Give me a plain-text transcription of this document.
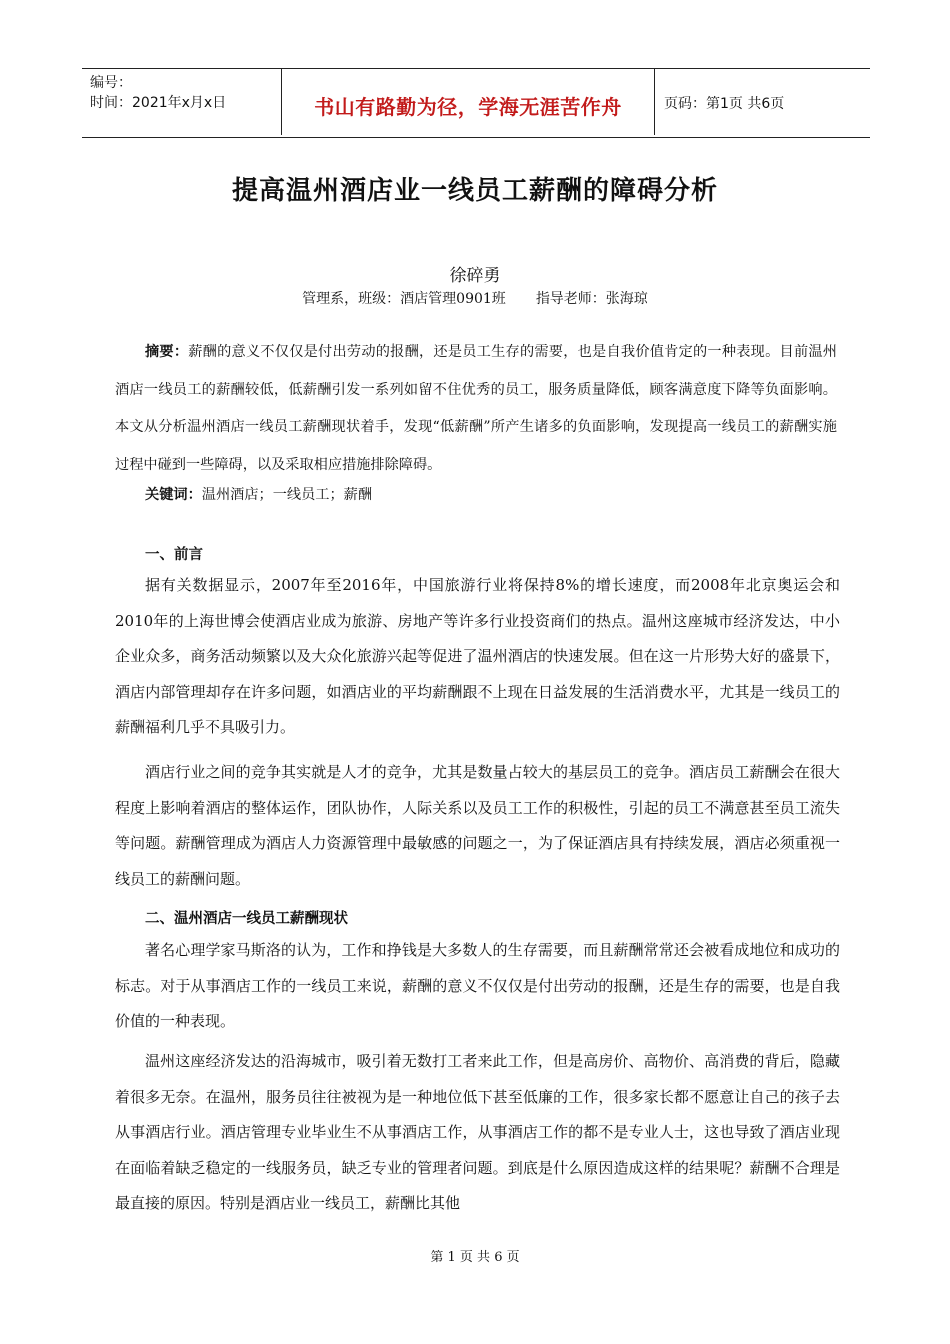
编号：
时间：2021年x月x日	书山有路勤为径，学海无涯苦作舟	页码：第1页 共6页
提高温州酒店业一线员工薪酬的障碍分析
徐碎勇
管理系，班级：酒店管理0901班 指导老师：张海琼
摘要：薪酬的意义不仅仅是付出劳动的报酬，还是员工生存的需要，也是自我价值肯定的一种表现。目前温州酒店一线员工的薪酬较低，低薪酬引发一系列如留不住优秀的员工，服务质量降低，顾客满意度下降等负面影响。本文从分析温州酒店一线员工薪酬现状着手，发现“低薪酬”所产生诸多的负面影响，发现提高一线员工的薪酬实施过程中碰到一些障碍，以及采取相应措施排除障碍。
关键词：温州酒店；一线员工；薪酬
一、前言
据有关数据显示，2007年至2016年，中国旅游行业将保持8%的增长速度，而2008年北京奥运会和2010年的上海世博会使酒店业成为旅游、房地产等许多行业投资商们的热点。温州这座城市经济发达，中小企业众多，商务活动频繁以及大众化旅游兴起等促进了温州酒店的快速发展。但在这一片形势大好的盛景下，酒店内部管理却存在许多问题，如酒店业的平均薪酬跟不上现在日益发展的生活消费水平，尤其是一线员工的薪酬福利几乎不具吸引力。
酒店行业之间的竞争其实就是人才的竞争，尤其是数量占较大的基层员工的竞争。酒店员工薪酬会在很大程度上影响着酒店的整体运作，团队协作，人际关系以及员工工作的积极性，引起的员工不满意甚至员工流失等问题。薪酬管理成为酒店人力资源管理中最敏感的问题之一，为了保证酒店具有持续发展，酒店必须重视一线员工的薪酬问题。
二、温州酒店一线员工薪酬现状
著名心理学家马斯洛的认为，工作和挣钱是大多数人的生存需要，而且薪酬常常还会被看成地位和成功的标志。对于从事酒店工作的一线员工来说，薪酬的意义不仅仅是付出劳动的报酬，还是生存的需要，也是自我价值的一种表现。
温州这座经济发达的沿海城市，吸引着无数打工者来此工作，但是高房价、高物价、高消费的背后，隐藏着很多无奈。在温州，服务员往往被视为是一种地位低下甚至低廉的工作，很多家长都不愿意让自己的孩子去从事酒店行业。酒店管理专业毕业生不从事酒店工作，从事酒店工作的都不是专业人士，这也导致了酒店业现在面临着缺乏稳定的一线服务员，缺乏专业的管理者问题。到底是什么原因造成这样的结果呢？薪酬不合理是最直接的原因。特别是酒店业一线员工，薪酬比其他
第 1 页 共 6 页
